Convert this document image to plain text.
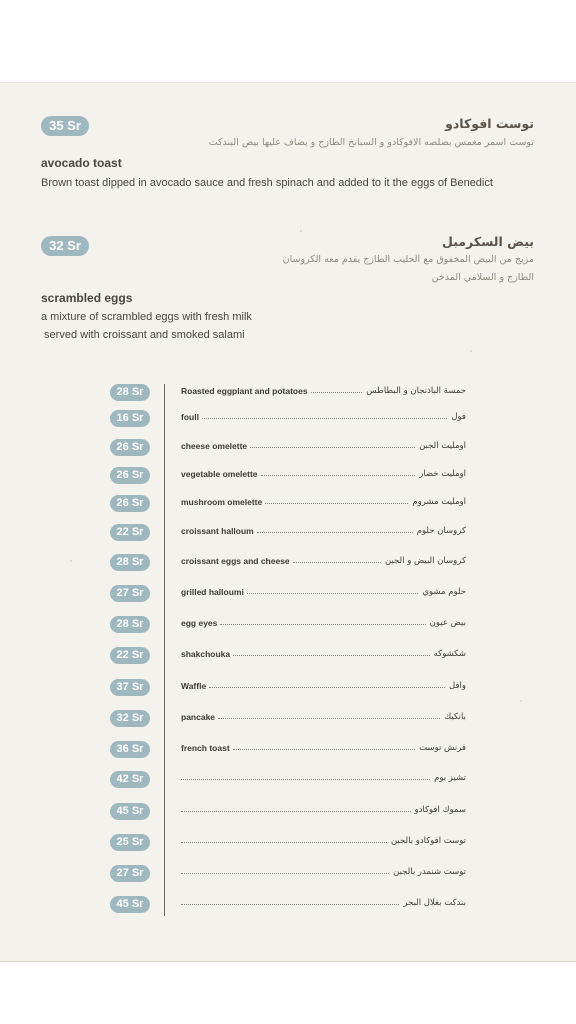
35 Sr	توست افوكادو
توست اسمر مغمس بصلصه الافوكادو و السبانخ الطازج و يضاف عليها بيض البندكت
avocado toast
Brown toast dipped in avocado sauce and fresh spinach and added to it the eggs of Benedict
32 Sr	بيض السكرمبل
مزيج من البيض المخفوق مع الحليب الطازج يقدم معه الكروسان
الطازج و السلامي المدخن
scrambled eggs
a mixture of scrambled eggs with fresh milk
served with croissant and smoked salami
28 Sr	Roasted eggplant and potatoes	حمسة الباذنجان و البطاطس
16 Sr	foull	فول
26 Sr	cheese omelette	اومليت الجبن
26 Sr	vegetable omelette	اومليت خضار
26 Sr	mushroom omelette	اومليت مشروم
22 Sr	croissant halloum	كروسان حلوم
28 Sr	croissant eggs and cheese	كروسان البيض و الجبن
27 Sr	grilled halloumi	حلوم مشوي
28 Sr	egg eyes	بيض عيون
22 Sr	shakchouka	شكشوكه
37 Sr	Waffle	وافل
32 Sr	pancake	بانكيك
36 Sr	french toast	فرنش توست
42 Sr	تشيز بوم
45 Sr	سموك افوكادو
25 Sr	توست افوكادو بالجبن
27 Sr	توست شنمدر بالجبن
45 Sr	بندكت بغلال البحر
